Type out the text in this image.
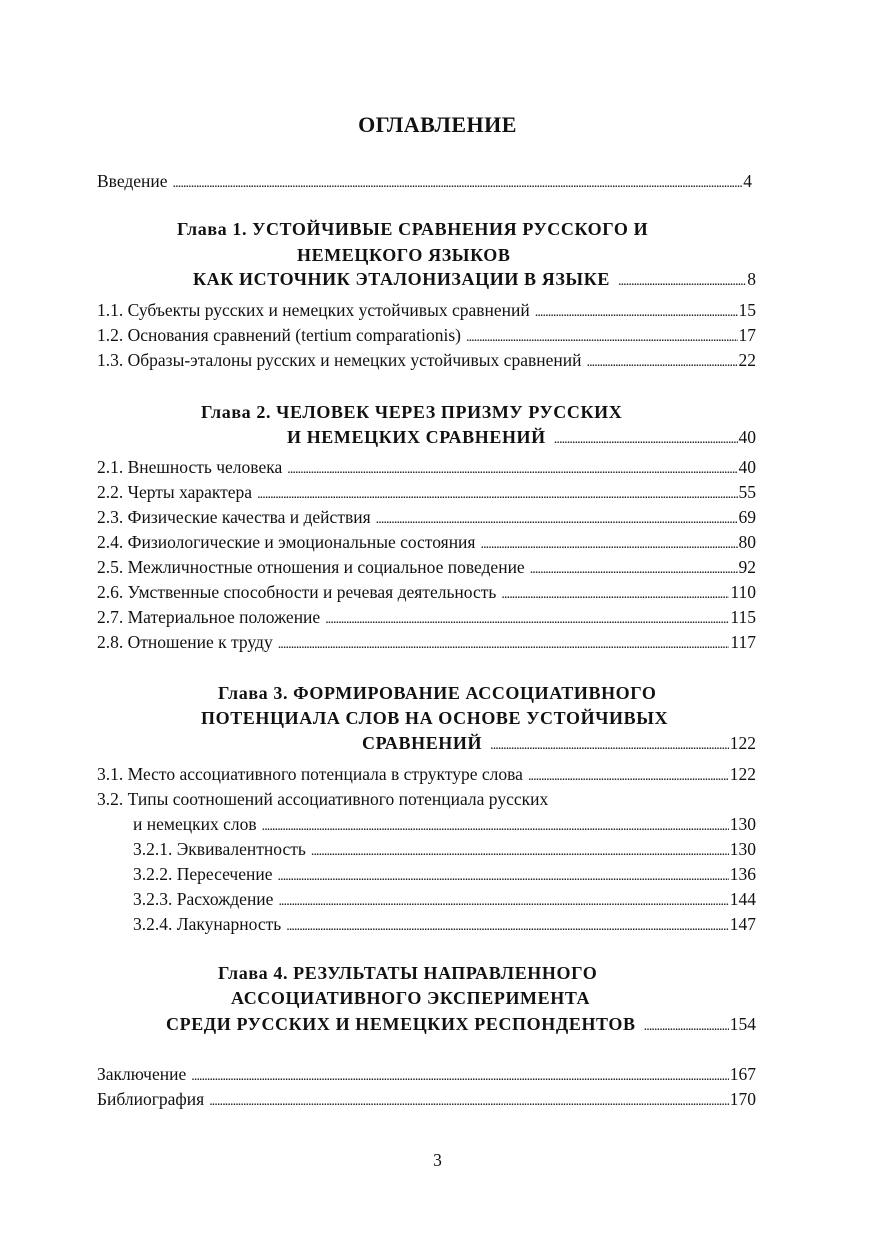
ОГЛАВЛЕНИЕ
Введение . . .	4
Глава 1. УСТОЙЧИВЫЕ СРАВНЕНИЯ РУССКОГО И
НЕМЕЦКОГО ЯЗЫКОВ
КАК ИСТОЧНИК ЭТАЛОНИЗАЦИИ В ЯЗЫКЕ . . .	8
1.1. Субъекты русских и немецких устойчивых сравнений . . .	15
1.2. Основания сравнений (tertium comparationis) . . .	17
1.3. Образы-эталоны русских и немецких устойчивых сравнений . . .	22
Глава 2. ЧЕЛОВЕК ЧЕРЕЗ ПРИЗМУ РУССКИХ
И НЕМЕЦКИХ СРАВНЕНИЙ . . .	40
2.1. Внешность человека . . .	40
2.2. Черты характера . . .	55
2.3. Физические качества и действия . . .	69
2.4. Физиологические и эмоциональные состояния . . .	80
2.5. Межличностные отношения и социальное поведение . . .	92
2.6. Умственные способности и речевая деятельность . . .	110
2.7. Материальное положение . . .	115
2.8. Отношение к труду . . .	117
Глава 3. ФОРМИРОВАНИЕ АССОЦИАТИВНОГО
ПОТЕНЦИАЛА СЛОВ НА ОСНОВЕ УСТОЙЧИВЫХ
СРАВНЕНИЙ . . .	122
3.1. Место ассоциативного потенциала в структуре слова . . .	122
3.2. Типы соотношений ассоциативного потенциала русских
и немецких слов . . .	130
3.2.1. Эквивалентность . . .	130
3.2.2. Пересечение . . .	136
3.2.3. Расхождение . . .	144
3.2.4. Лакунарность . . .	147
Глава 4. РЕЗУЛЬТАТЫ НАПРАВЛЕННОГО
АССОЦИАТИВНОГО ЭКСПЕРИМЕНТА
СРЕДИ РУССКИХ И НЕМЕЦКИХ РЕСПОНДЕНТОВ . . .	154
Заключение . . .	167
Библиография . . .	170
3
